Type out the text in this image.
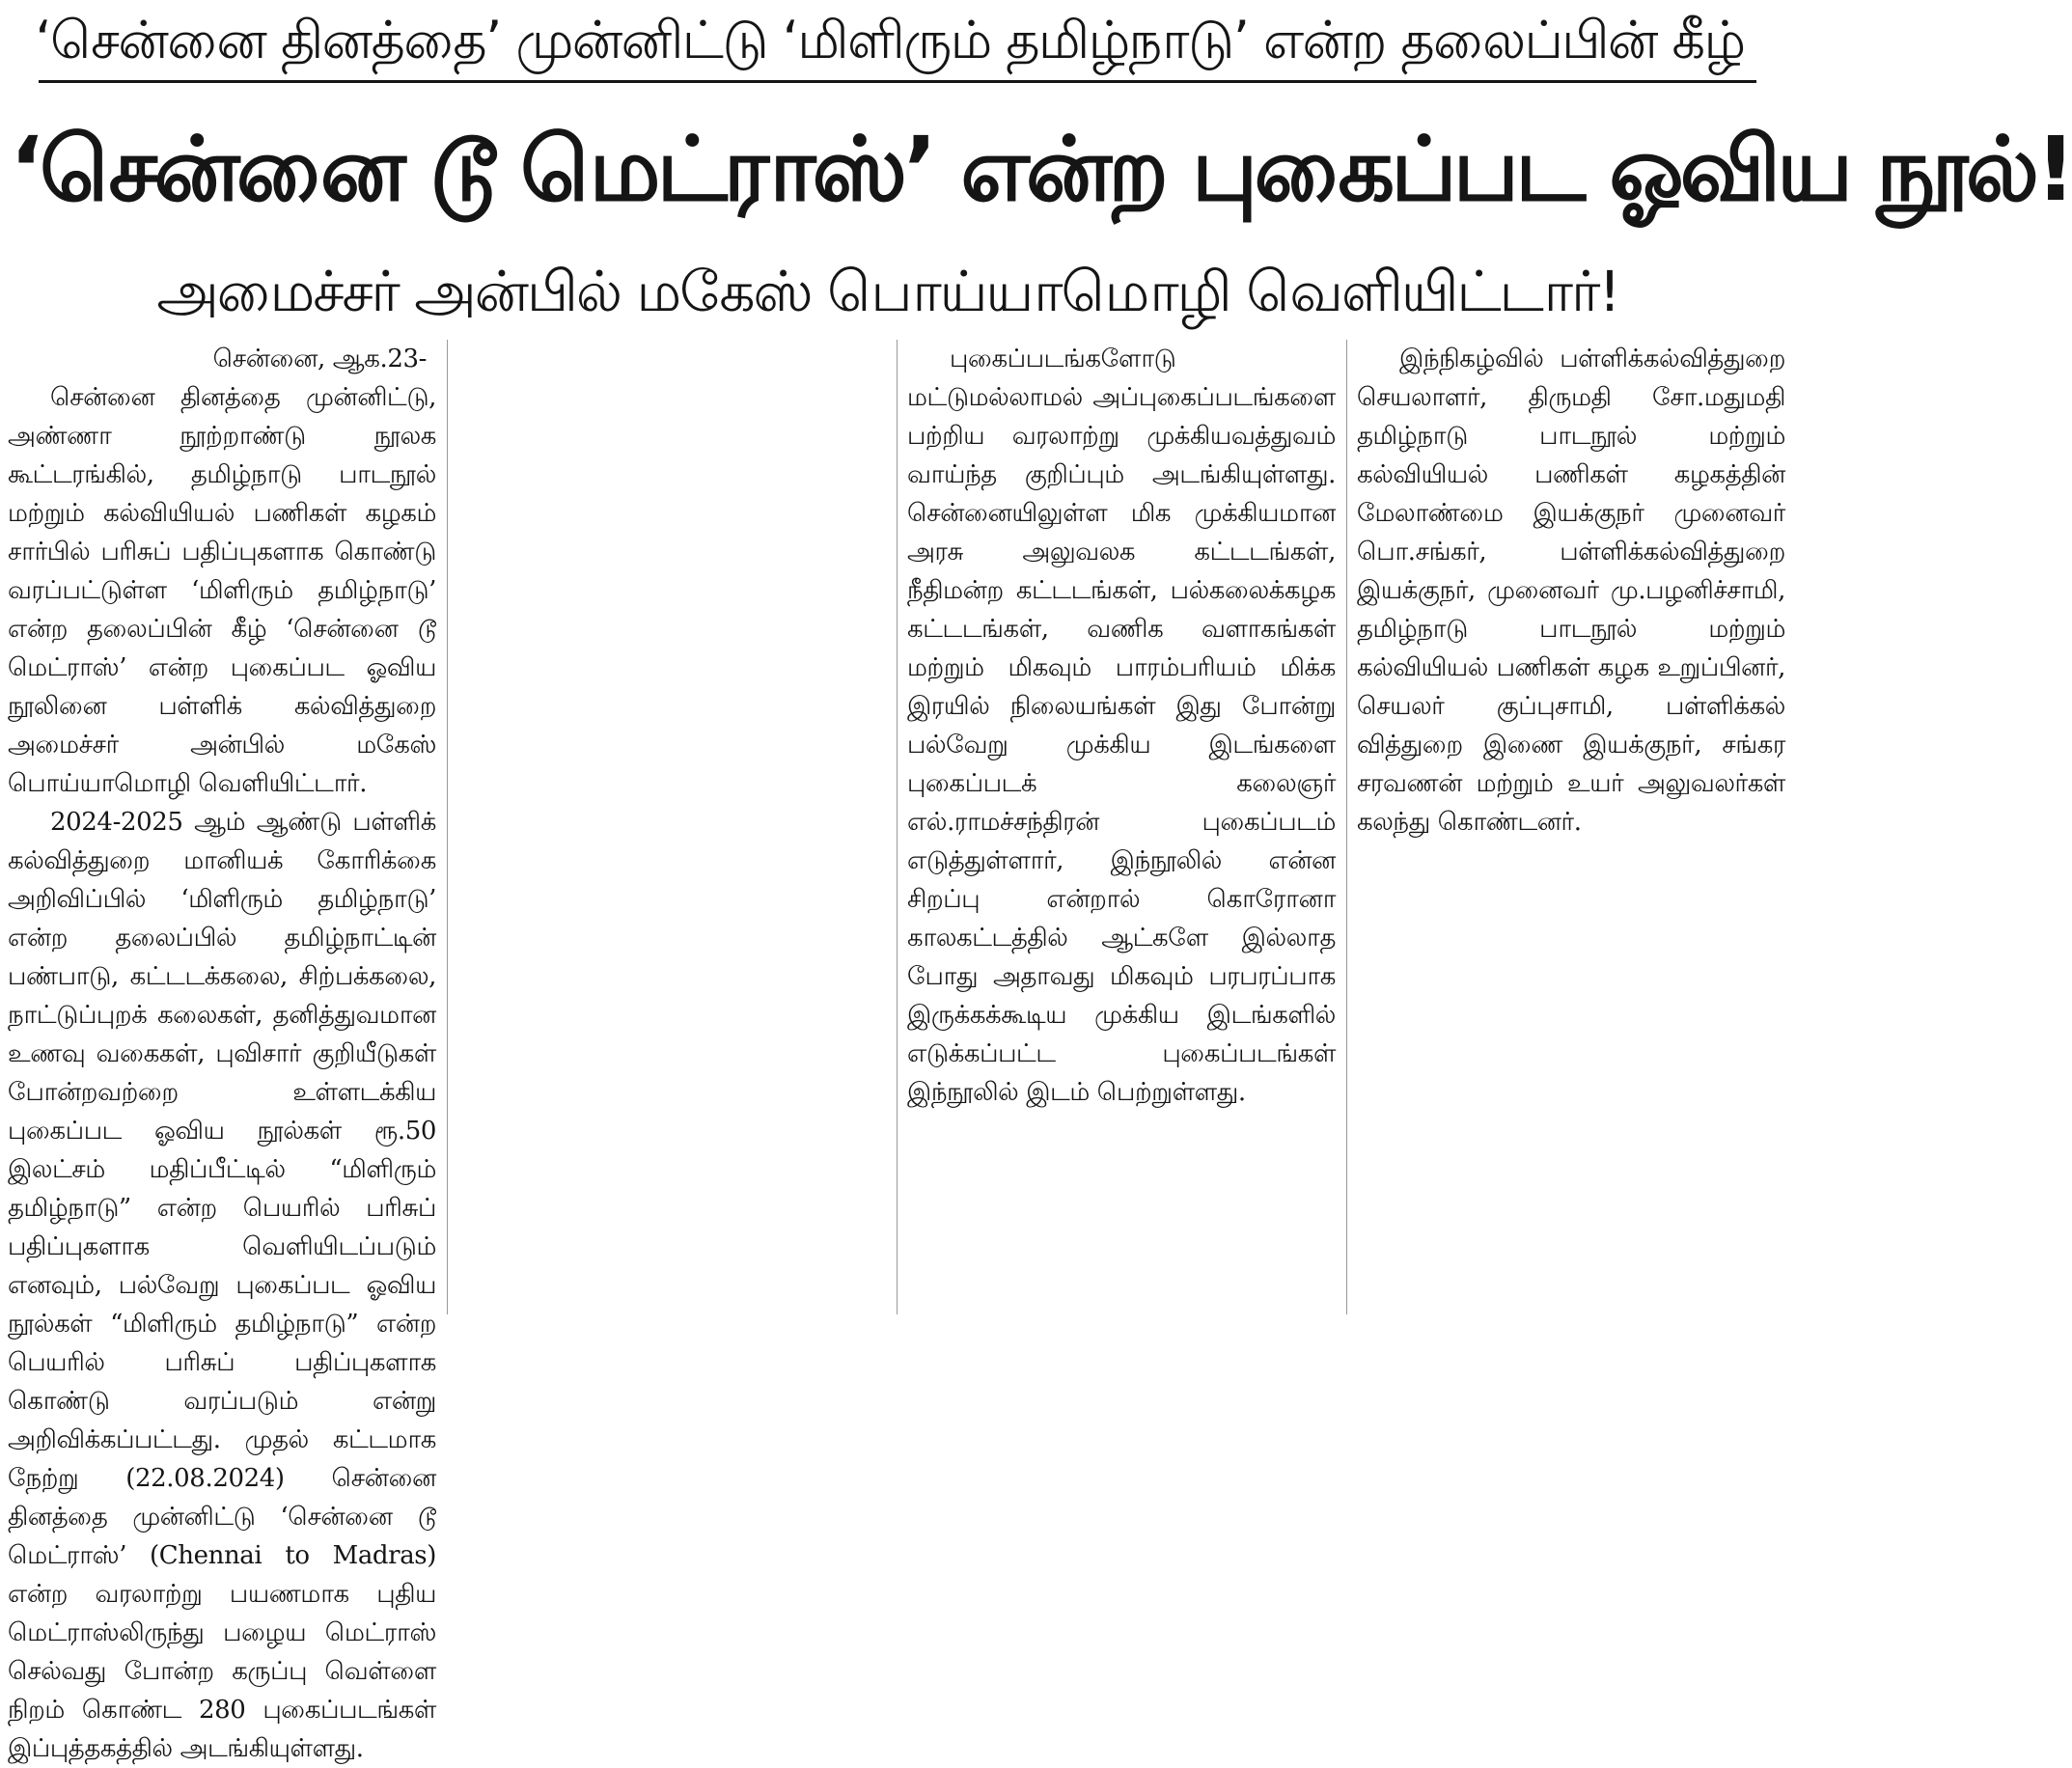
‘சென்னை தினத்தை’ முன்னிட்டு ‘மிளிரும் தமிழ்நாடு’ என்ற தலைப்பின் கீழ்
‘சென்னை டூ மெட்ராஸ்’ என்ற புகைப்பட ஓவிய நூல்!
அமைச்சர் அன்பில் மகேஸ் பொய்யாமொழி வெளியிட்டார்!
சென்னை, ஆக.23-

சென்னை தினத்தை முன்னிட்டு, அண்ணா நூற்றாண்டு நூலக கூட்டரங்கில், தமிழ்நாடு பாடநூல் மற்றும் கல்வியியல் பணிகள் கழகம் சார்பில் பரிசுப் பதிப்புகளாக கொண்டு வரப்பட்டுள்ள ‘மிளிரும் தமிழ்நாடு’ என்ற தலைப்பின் கீழ் ‘சென்னை டூ மெட்ராஸ்’ என்ற புகைப்பட ஓவிய நூலினை பள்ளிக் கல்வித்துறை அமைச்சர் அன்பில் மகேஸ் பொய்யாமொழி வெளியிட்டார்.

2024-2025 ஆம் ஆண்டு பள்ளிக் கல்வித்துறை மானியக் கோரிக்கை அறிவிப்பில் ‘மிளிரும் தமிழ்நாடு’ என்ற தலைப்பில் தமிழ்நாட்டின் பண்பாடு, கட்டடக்கலை, சிற்பக்கலை, நாட்டுப்புறக் கலைகள், தனித்துவமான உணவு வகைகள், புவிசார் குறியீடுகள் போன்றவற்றை உள்ளடக்கிய புகைப்பட ஓவிய நூல்கள் ரூ.50 இலட்சம் மதிப்பீட்டில் “மிளிரும் தமிழ்நாடு” என்ற பெயரில் பரிசுப் பதிப்புகளாக வெளியிடப்படும் எனவும், பல்வேறு புகைப்பட ஓவிய நூல்கள் “மிளிரும் தமிழ்நாடு” என்ற பெயரில் பரிசுப் பதிப்புகளாக கொண்டு வரப்படும் என்று அறிவிக்கப்பட்டது. முதல் கட்டமாக நேற்று (22.08.2024) சென்னை தினத்தை முன்னிட்டு ‘சென்னை டூ மெட்ராஸ்’ (Chennai to Madras) என்ற வரலாற்று பயணமாக புதிய மெட்ராஸ்லிருந்து பழைய மெட்ராஸ் செல்வது போன்ற கருப்பு வெள்ளை நிறம் கொண்ட 280 புகைப்படங்கள் இப்புத்தகத்தில் அடங்கியுள்ளது.

புகைப்படங்களோடு மட்டுமல்லாமல் அப்புகைப்படங்களை பற்றிய வரலாற்று முக்கியவத்துவம் வாய்ந்த குறிப்பும் அடங்கியுள்ளது. சென்னையிலுள்ள மிக முக்கியமான அரசு அலுவலக கட்டடங்கள், நீதிமன்ற கட்டடங்கள், பல்கலைக்கழக கட்டடங்கள், வணிக வளாகங்கள் மற்றும் மிகவும் பாரம்பரியம் மிக்க இரயில் நிலையங்கள் இது போன்று பல்வேறு முக்கிய இடங்களை புகைப்படக் கலைஞர் எல்.ராமச்சந்திரன் புகைப்படம் எடுத்துள்ளார், இந்நூலில் என்ன சிறப்பு என்றால் கொரோனா காலகட்டத்தில் ஆட்களே இல்லாத போது அதாவது மிகவும் பரபரப்பாக இருக்கக்கூடிய முக்கிய இடங்களில் எடுக்கப்பட்ட புகைப்படங்கள் இந்நூலில் இடம் பெற்றுள்ளது.

இந்நிகழ்வில் பள்ளிக்கல்வித்துறை செயலாளர், திருமதி சோ.மதுமதி தமிழ்நாடு பாடநூல் மற்றும் கல்வியியல் பணிகள் கழகத்தின் மேலாண்மை இயக்குநர் முனைவர் பொ.சங்கர், பள்ளிக்கல்வித்துறை இயக்குநர், முனைவர் மு.பழனிச்சாமி, தமிழ்நாடு பாடநூல் மற்றும் கல்வியியல் பணிகள் கழக உறுப்பினர், செயலர் குப்புசாமி, பள்ளிக்கல் வித்துறை இணை இயக்குநர், சங்கர சரவணன் மற்றும் உயர் அலுவலர்கள் கலந்து கொண்டனர்.
